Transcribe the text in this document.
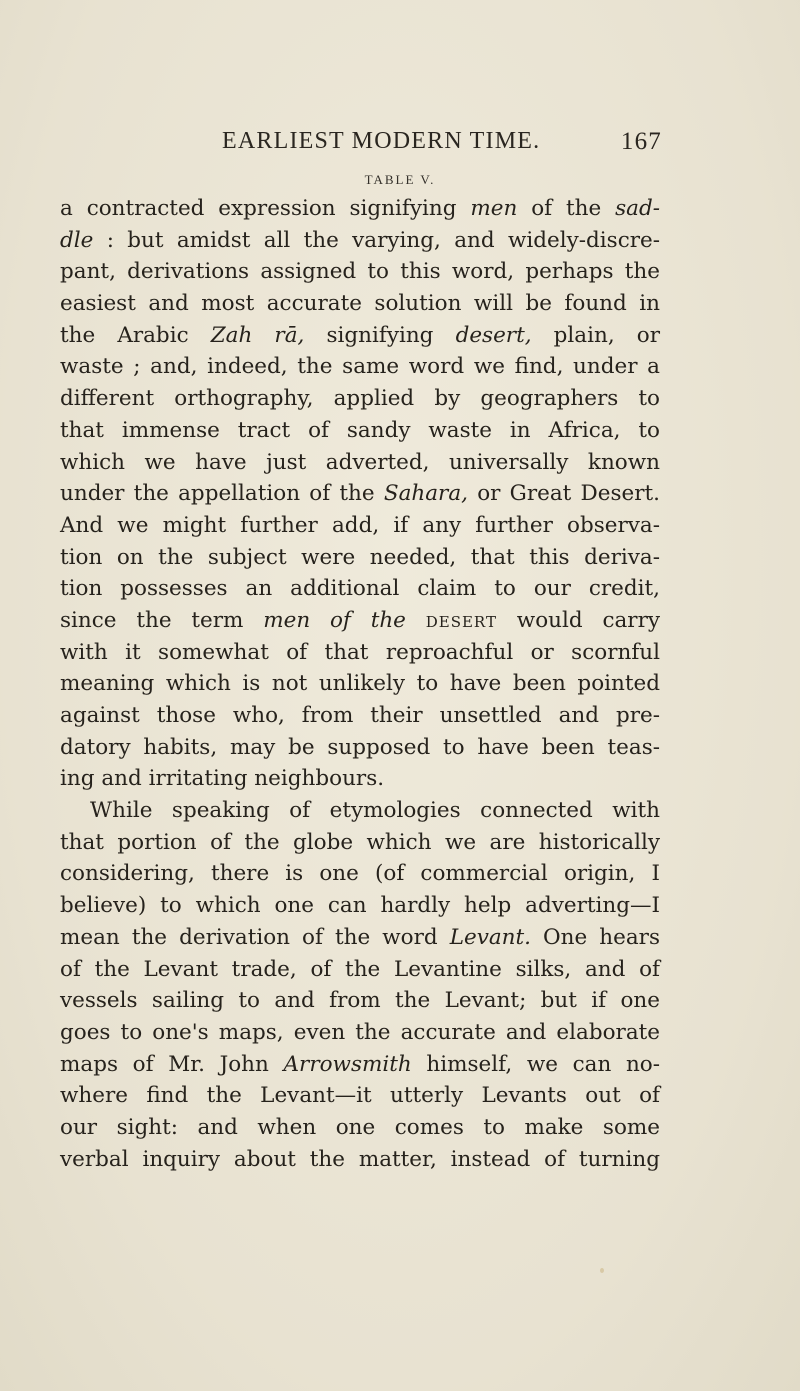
EARLIEST MODERN TIME.	167
TABLE V.
a contracted expression signifying men of the sad-
dle : but amidst all the varying, and widely-discre-
pant, derivations assigned to this word, perhaps the
easiest and most accurate solution will be found in
the Arabic Zah rā, signifying desert, plain, or
waste ; and, indeed, the same word we find, under a
different orthography, applied by geographers to
that immense tract of sandy waste in Africa, to
which we have just adverted, universally known
under the appellation of the Sahara, or Great Desert.
And we might further add, if any further observa-
tion on the subject were needed, that this deriva-
tion possesses an additional claim to our credit,
since the term men of the desert would carry
with it somewhat of that reproachful or scornful
meaning which is not unlikely to have been pointed
against those who, from their unsettled and pre-
datory habits, may be supposed to have been teas-
ing and irritating neighbours.
While speaking of etymologies connected with
that portion of the globe which we are historically
considering, there is one (of commercial origin, I
believe) to which one can hardly help adverting—I
mean the derivation of the word Levant. One hears
of the Levant trade, of the Levantine silks, and of
vessels sailing to and from the Levant; but if one
goes to one's maps, even the accurate and elaborate
maps of Mr. John Arrowsmith himself, we can no-
where find the Levant—it utterly Levants out of
our sight: and when one comes to make some
verbal inquiry about the matter, instead of turning
